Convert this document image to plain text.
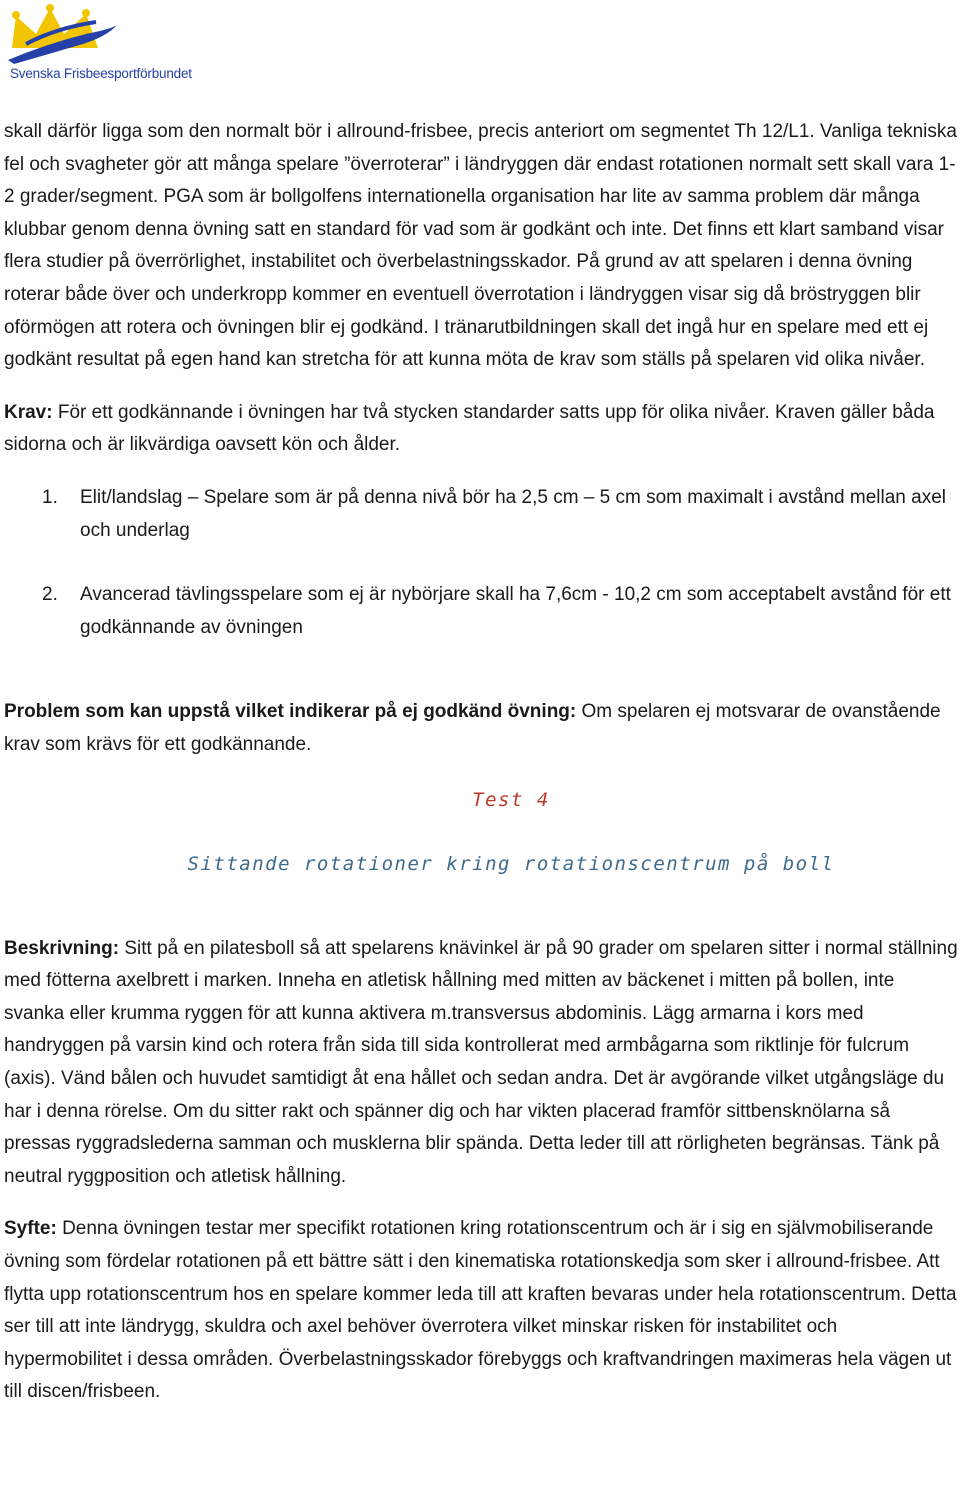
Svenska Frisbeesportförbundet

skall därför ligga som den normalt bör i allround-frisbee, precis anteriort om segmentet Th 12/L1. Vanliga tekniska fel och svagheter gör att många spelare ”överroterar” i ländryggen där endast rotationen normalt sett skall vara 1-2 grader/segment. PGA som är bollgolfens internationella organisation har lite av samma problem där många klubbar genom denna övning satt en standard för vad som är godkänt och inte. Det finns ett klart samband visar flera studier på överrörlighet, instabilitet och överbelastningsskador. På grund av att spelaren i denna övning roterar både över och underkropp kommer en eventuell överrotation i ländryggen visar sig då bröstryggen blir oförmögen att rotera och övningen blir ej godkänd. I tränarutbildningen skall det ingå hur en spelare med ett ej godkänt resultat på egen hand kan stretcha för att kunna möta de krav som ställs på spelaren vid olika nivåer.

Krav: För ett godkännande i övningen har två stycken standarder satts upp för olika nivåer. Kraven gäller båda sidorna och är likvärdiga oavsett kön och ålder.

1. Elit/landslag – Spelare som är på denna nivå bör ha 2,5 cm – 5 cm som maximalt i avstånd mellan axel och underlag
2. Avancerad tävlingsspelare som ej är nybörjare skall ha 7,6cm - 10,2 cm som acceptabelt avstånd för ett godkännande av övningen

Problem som kan uppstå vilket indikerar på ej godkänd övning: Om spelaren ej motsvarar de ovanstående krav som krävs för ett godkännande.

Test 4
Sittande rotationer kring rotationscentrum på boll

Beskrivning: Sitt på en pilatesboll så att spelarens knävinkel är på 90 grader om spelaren sitter i normal ställning med fötterna axelbrett i marken. Inneha en atletisk hållning med mitten av bäckenet i mitten på bollen, inte svanka eller krumma ryggen för att kunna aktivera m.transversus abdominis. Lägg armarna i kors med handryggen på varsin kind och rotera från sida till sida kontrollerat med armbågarna som riktlinje för fulcrum (axis). Vänd bålen och huvudet samtidigt åt ena hållet och sedan andra. Det är avgörande vilket utgångsläge du har i denna rörelse. Om du sitter rakt och spänner dig och har vikten placerad framför sittbensknölarna så pressas ryggradslederna samman och musklerna blir spända. Detta leder till att rörligheten begränsas. Tänk på neutral ryggposition och atletisk hållning.

Syfte: Denna övningen testar mer specifikt rotationen kring rotationscentrum och är i sig en självmobiliserande övning som fördelar rotationen på ett bättre sätt i den kinematiska rotationskedja som sker i allround-frisbee. Att flytta upp rotationscentrum hos en spelare kommer leda till att kraften bevaras under hela rotationscentrum. Detta ser till att inte ländrygg, skuldra och axel behöver överrotera vilket minskar risken för instabilitet och hypermobilitet i dessa områden. Överbelastningsskador förebyggs och kraftvandringen maximeras hela vägen ut till discen/frisbeen.
